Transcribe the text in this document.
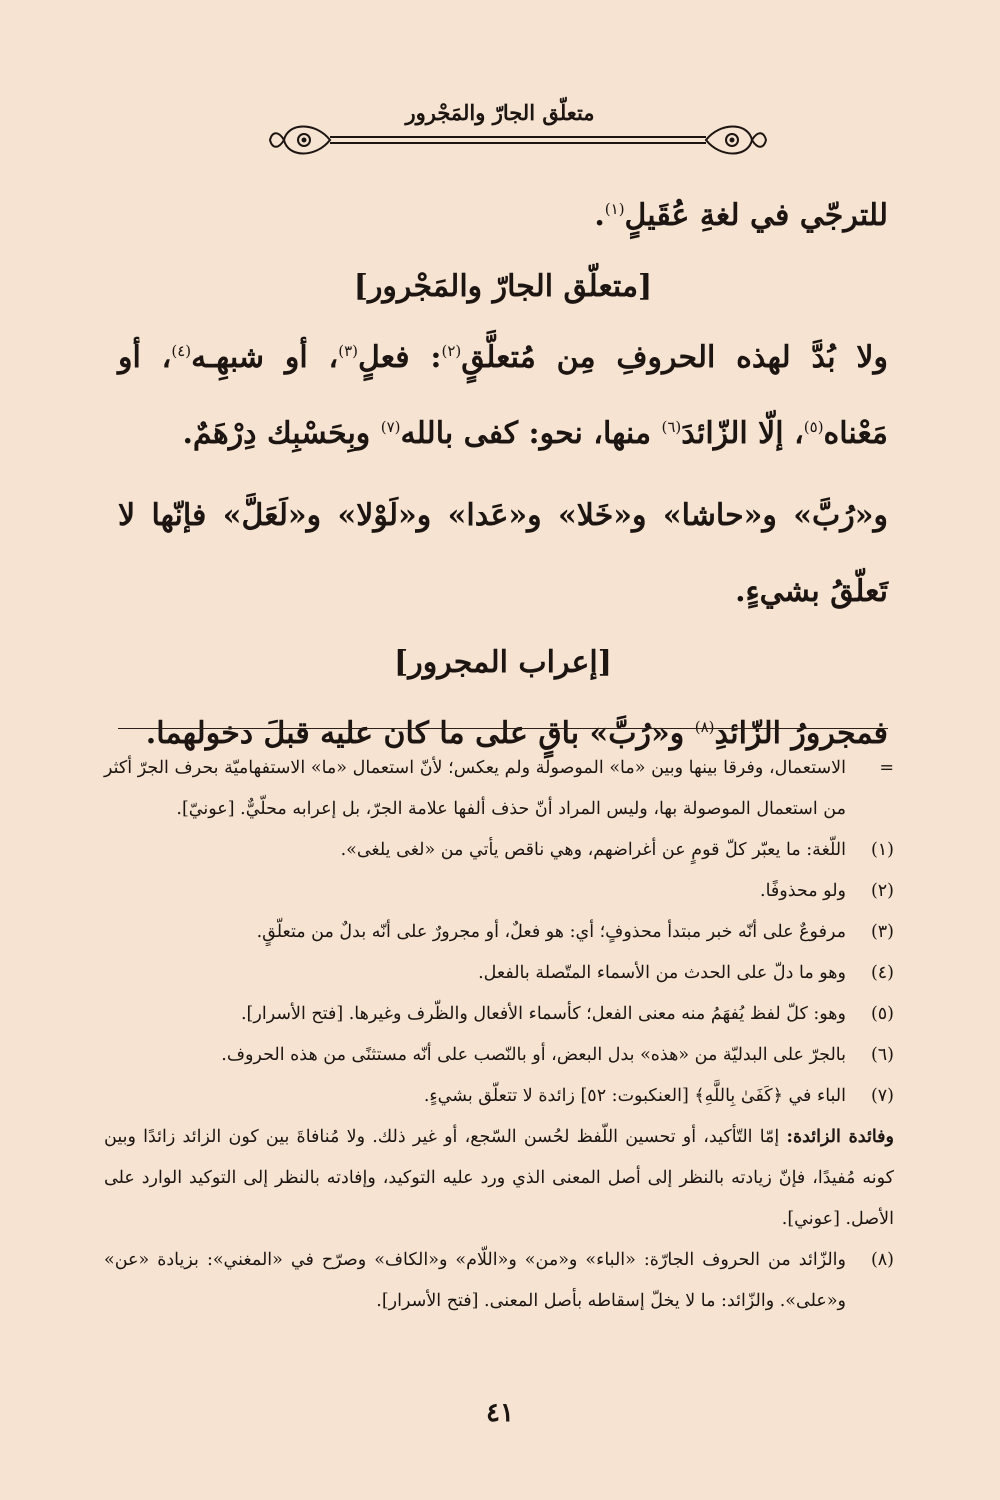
متعلّق الجارّ والمَجْرور

للترجّي في لغةِ عُقَيلٍ$^{(١)}$.

[متعلّق الجارّ والمَجْرور]

ولا بُدَّ لهذه الحروفِ مِن مُتعلَّقٍ$^{(٢)}$: فعلٍ$^{(٣)}$، أو شبهِـه$^{(٤)}$، أو مَعْناه$^{(٥)}$، إلّا الزّائدَ$^{(٦)}$ منها، نحو: كفى بالله$^{(٧)}$ وبِحَسْبِك دِرْهَمٌ.

و«رُبَّ» و«حاشا» و«خَلا» و«عَدا» و«لَوْلا» و«لَعَلَّ» فإنّها لا تَعلّقُ بشيءٍ.

[إعراب المجرور]

فمجرورُ الزّائدِ$^{(٨)}$ و«رُبَّ» باقٍ على ما كان عليه قبلَ دخولهما.

=
الاستعمال، وفرقا بينها وبين «ما» الموصولة ولم يعكس؛ لأنّ استعمال «ما» الاستفهاميّة بحرف الجرّ أكثر من استعمال الموصولة بها، وليس المراد أنّ حذف ألفها علامة الجرّ، بل إعرابه محلّيٌّ. [عونيّ].
(١)
اللّغة: ما يعبّر كلّ قومٍ عن أغراضهم، وهي ناقص يأتي من «لغى يلغى».
(٢)
ولو محذوفًا.
(٣)
مرفوعٌ على أنّه خبر مبتدأ محذوفٍ؛ أي: هو فعلٌ، أو مجرورٌ على أنّه بدلٌ من متعلّقٍ.
(٤)
وهو ما دلّ على الحدث من الأسماء المتّصلة بالفعل.
(٥)
وهو: كلّ لفظ يُفهَمُ منه معنى الفعل؛ كأسماء الأفعال والظّرف وغيرها. [فتح الأسرار].
(٦)
بالجرّ على البدليّة من «هذه» بدل البعض، أو بالنّصب على أنّه مستثنًى من هذه الحروف.
(٧)
الباء في ﴿كَفَىٰ بِاللَّهِ﴾ [العنكبوت: ٥٢] زائدة لا تتعلّق بشيءٍ.
وفائدة الزائدة: إمّا التّأكيد، أو تحسين اللّفظ لحُسن السّجع، أو غير ذلك. ولا مُنافاةَ بين كون الزائد زائدًا وبين كونه مُفيدًا، فإنّ زيادته بالنظر إلى أصل المعنى الذي ورد عليه التوكيد، وإفادته بالنظر إلى التوكيد الوارد على الأصل. [عوني].
(٨)
والزّائد من الحروف الجارّة: «الباء» و«من» و«اللّام» و«الكاف» وصرّح في «المغني»: بزيادة «عن» و«على». والزّائد: ما لا يخلّ إسقاطه بأصل المعنى. [فتح الأسرار].
٤١
